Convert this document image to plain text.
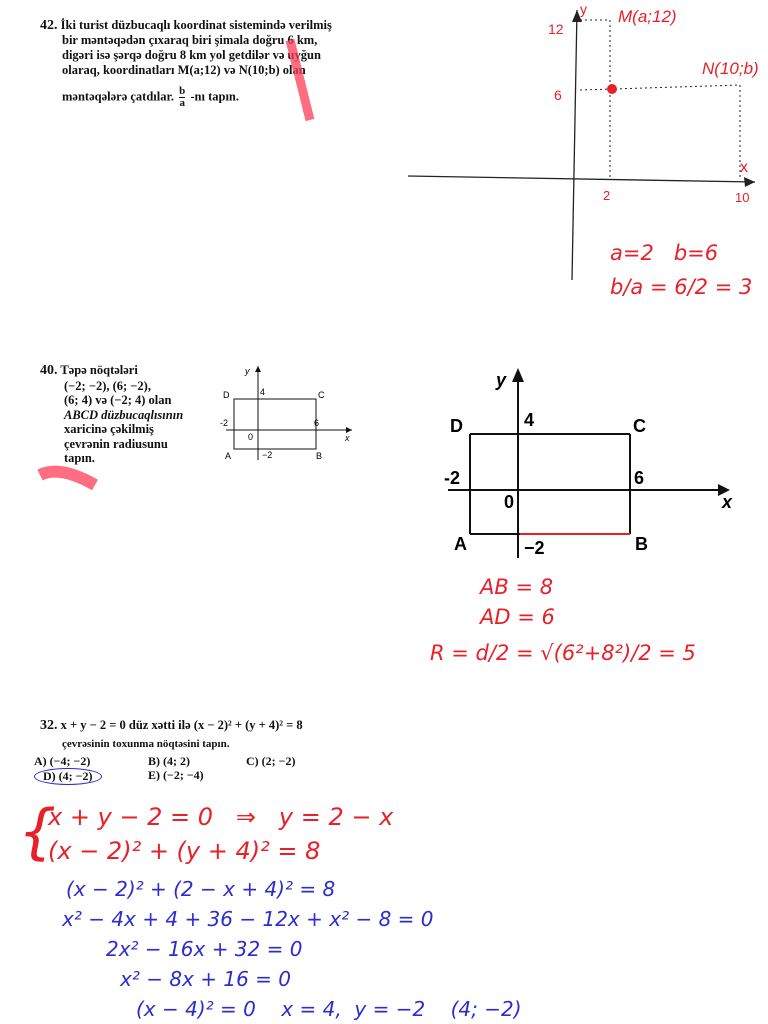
42. İki turist düzbucaqlı koordinat sistemində verilmiş
bir məntəqədən çıxaraq biri şimala doğru 6 km,
digəri isə şərqə doğru 8 km yol getdilər və uyğun
olaraq, koordinatları M(a;12) və N(10;b) olan
məntəqələrə çatdılar. $\frac{b}{a}$ -nı tapın.
y
x
12
6
2	10
M(a;12)
N(10;b)
a=2   b=6
b/a = 6/2 = 3
40. Təpə nöqtələri
(−2; −2), (6; −2),
(6; 4) və (−2; 4) olan
ABCD düzbucaqlısının
xaricinə çəkilmiş
çevrənin radiusunu
tapın.
y
x
D	C
A	B
4
-2
0
6
−2
y
x
D	C
A	B
4
-2
0
6
−2
AB = 8
AD = 6
R = d/2 = √(6²+8²)/2 = 5
32. x + y − 2 = 0 düz xətti ilə (x − 2)² + (y + 4)² = 8
çevrəsinin toxunma nöqtəsini tapın.
A) (−4; −2)	B) (4; 2)	C) (2; −2)
D) (4; −2)	E) (−2; −4)
{
x + y − 2 = 0   ⇒   y = 2 − x
(x − 2)² + (y + 4)² = 8
(x − 2)² + (2 − x + 4)² = 8
x² − 4x + 4 + 36 − 12x + x² − 8 = 0
2x² − 16x + 32 = 0
x² − 8x + 16 = 0
(x − 4)² = 0    x = 4,  y = −2    (4; −2)
